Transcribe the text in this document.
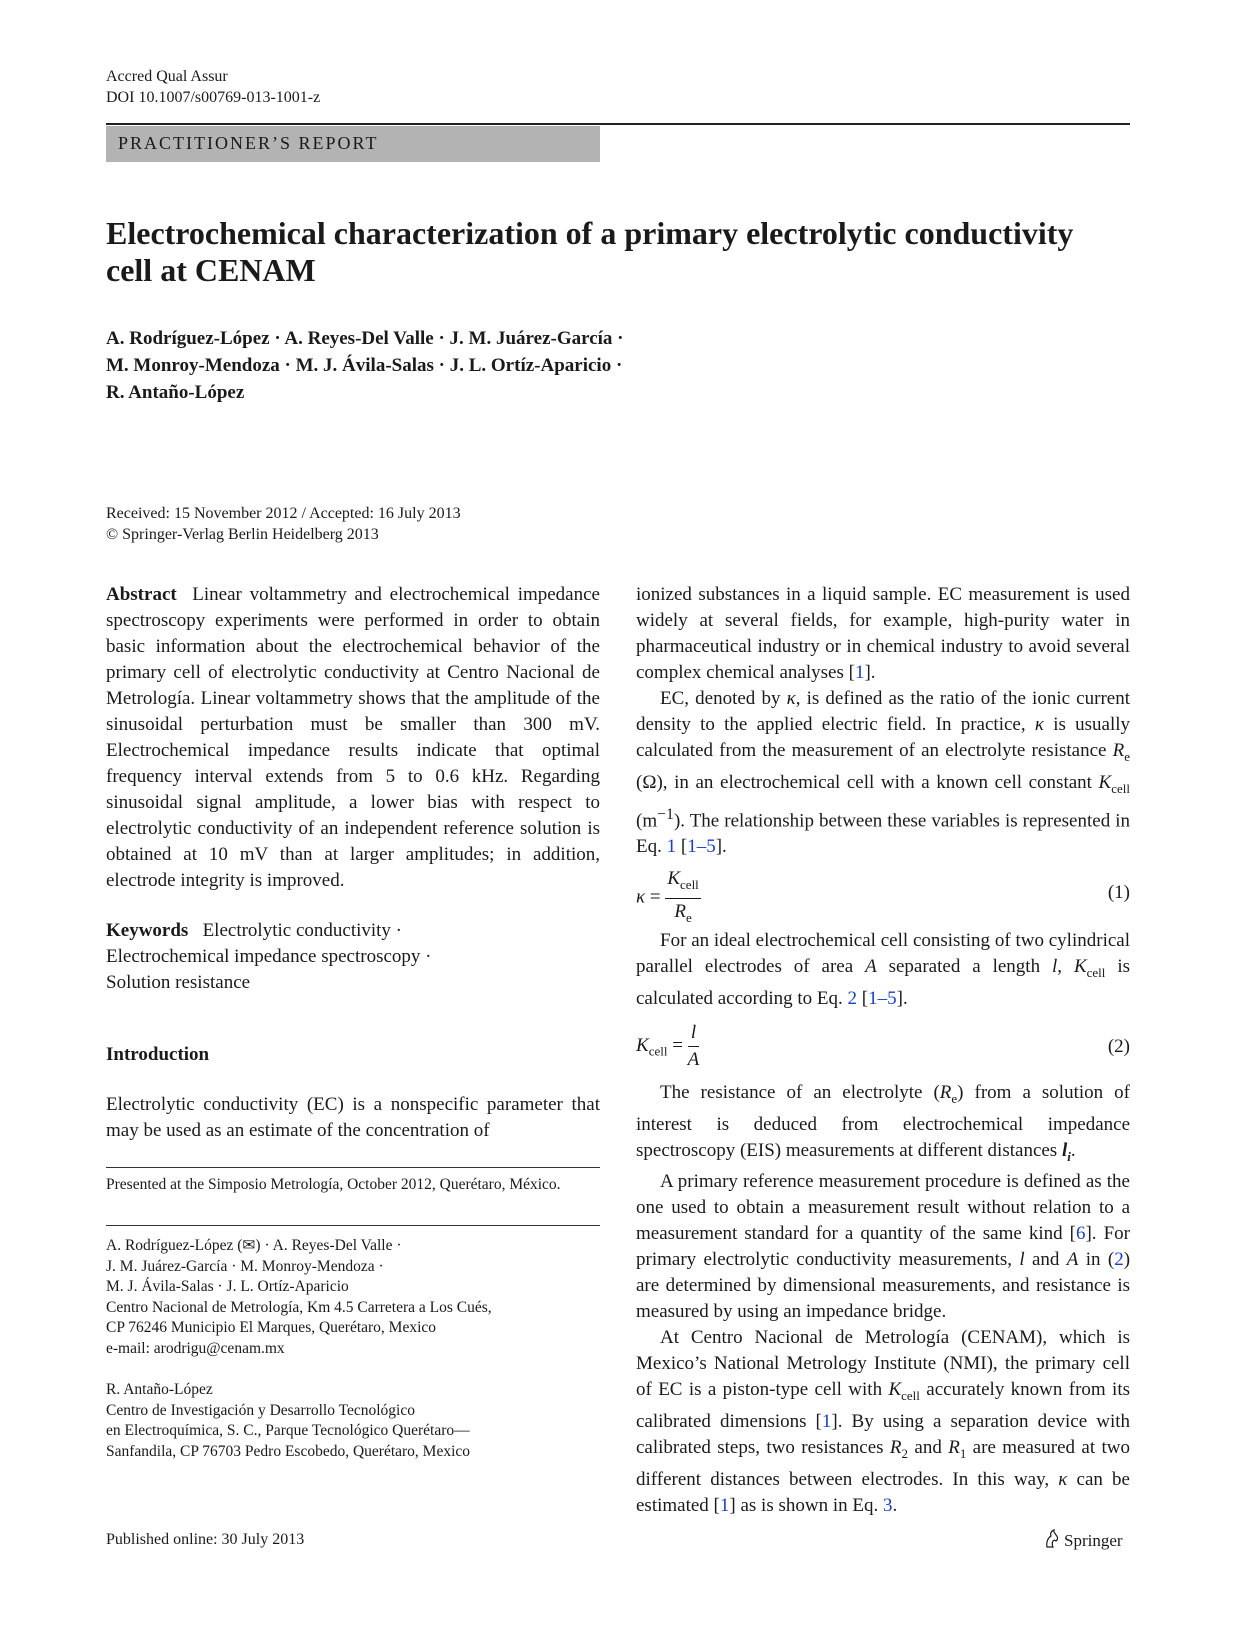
Accred Qual Assur
DOI 10.1007/s00769-013-1001-z
PRACTITIONER’S REPORT
Electrochemical characterization of a primary electrolytic conductivity cell at CENAM
A. Rodríguez-López · A. Reyes-Del Valle · J. M. Juárez-García ·
M. Monroy-Mendoza · M. J. Ávila-Salas · J. L. Ortíz-Aparicio ·
R. Antaño-López
Received: 15 November 2012 / Accepted: 16 July 2013
© Springer-Verlag Berlin Heidelberg 2013

Abstract Linear voltammetry and electrochemical impedance spectroscopy experiments were performed in order to obtain basic information about the electrochemical behavior of the primary cell of electrolytic conductivity at Centro Nacional de Metrología. Linear voltammetry shows that the amplitude of the sinusoidal perturbation must be smaller than 300 mV. Electrochemical impedance results indicate that optimal frequency interval extends from 5 to 0.6 kHz. Regarding sinusoidal signal amplitude, a lower bias with respect to electrolytic conductivity of an independent reference solution is obtained at 10 mV than at larger amplitudes; in addition, electrode integrity is improved.

Keywords Electrolytic conductivity ·
Electrochemical impedance spectroscopy ·
Solution resistance
Introduction

Electrolytic conductivity (EC) is a nonspecific parameter that may be used as an estimate of the concentration of

Presented at the Simposio Metrología, October 2012, Querétaro, México.
A. Rodríguez-López (✉) · A. Reyes-Del Valle ·
J. M. Juárez-García · M. Monroy-Mendoza ·
M. J. Ávila-Salas · J. L. Ortíz-Aparicio
Centro Nacional de Metrología, Km 4.5 Carretera a Los Cués,
CP 76246 Municipio El Marques, Querétaro, Mexico
e-mail: arodrigu@cenam.mx
R. Antaño-López
Centro de Investigación y Desarrollo Tecnológico
en Electroquímica, S. C., Parque Tecnológico Querétaro—
Sanfandila, CP 76703 Pedro Escobedo, Querétaro, Mexico

ionized substances in a liquid sample. EC measurement is used widely at several fields, for example, high-purity water in pharmaceutical industry or in chemical industry to avoid several complex chemical analyses [1].

EC, denoted by κ, is defined as the ratio of the ionic current density to the applied electric field. In practice, κ is usually calculated from the measurement of an electrolyte resistance $R_e$ (Ω), in an electrochemical cell with a known cell constant $K_{cell}$ $(m^{-1})$. The relationship between these variables is represented in Eq. 1 [1–5].

$\kappa = \frac{K_{cell}}{R_e}$	(1)

For an ideal electrochemical cell consisting of two cylindrical parallel electrodes of area A separated a length l, $K_{cell}$ is calculated according to Eq. 2 [1–5].

$K_{cell} = \frac{l}{A}$	(2)

The resistance of an electrolyte $(R_e)$ from a solution of interest is deduced from electrochemical impedance spectroscopy (EIS) measurements at different distances $l_i$.

A primary reference measurement procedure is defined as the one used to obtain a measurement result without relation to a measurement standard for a quantity of the same kind [6]. For primary electrolytic conductivity measurements, l and A in (2) are determined by dimensional measurements, and resistance is measured by using an impedance bridge.

At Centro Nacional de Metrología (CENAM), which is Mexico’s National Metrology Institute (NMI), the primary cell of EC is a piston-type cell with $K_{cell}$ accurately known from its calibrated dimensions [1]. By using a separation device with calibrated steps, two resistances $R_2$ and $R_1$ are measured at two different distances between electrodes. In this way, κ can be estimated [1] as is shown in Eq. 3.

Published online: 30 July 2013	Springer
